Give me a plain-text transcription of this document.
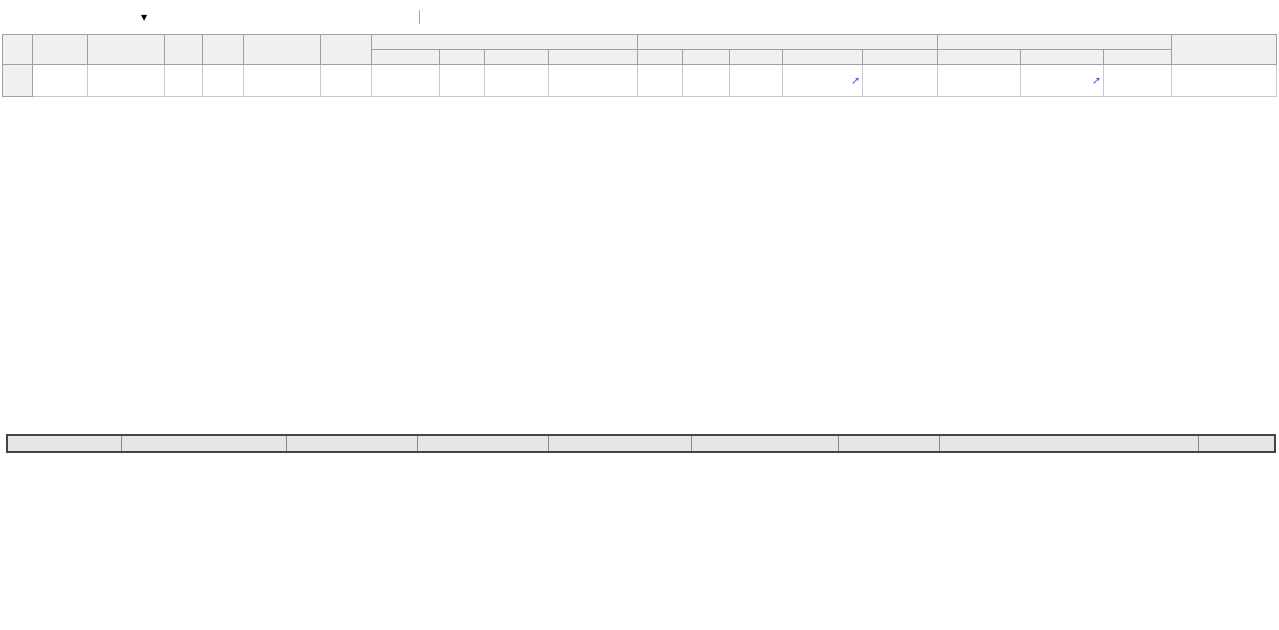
▼

														➚			➚		
